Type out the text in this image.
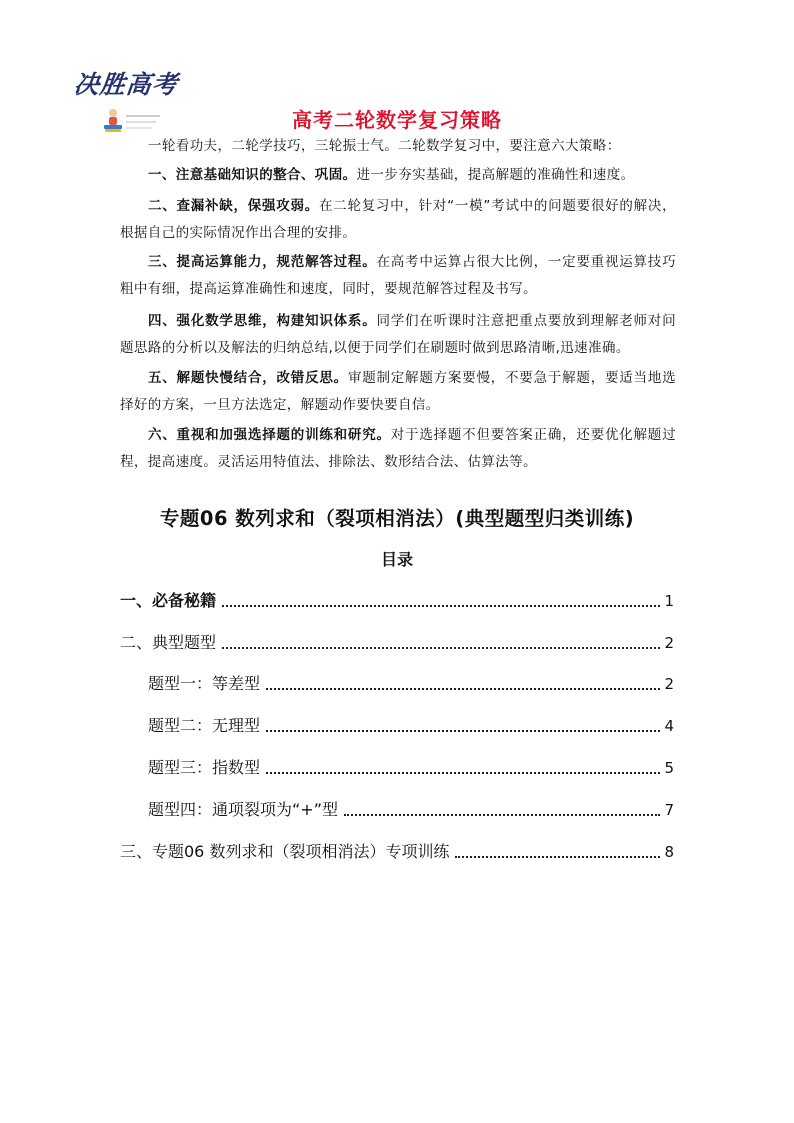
决胜高考
高考二轮数学复习策略
一轮看功夫，二轮学技巧，三轮振士气。二轮数学复习中，要注意六大策略：
一、注意基础知识的整合、巩固。进一步夯实基础，提高解题的准确性和速度。
二、查漏补缺，保强攻弱。在二轮复习中，针对“一模”考试中的问题要很好的解决，根据自己的实际情况作出合理的安排。
三、提高运算能力，规范解答过程。在高考中运算占很大比例，一定要重视运算技巧粗中有细，提高运算准确性和速度，同时，要规范解答过程及书写。
四、强化数学思维，构建知识体系。同学们在听课时注意把重点要放到理解老师对问题思路的分析以及解法的归纳总结,以便于同学们在刷题时做到思路清晰,迅速准确。
五、解题快慢结合，改错反思。审题制定解题方案要慢，不要急于解题，要适当地选择好的方案，一旦方法选定，解题动作要快要自信。
六、重视和加强选择题的训练和研究。对于选择题不但要答案正确，还要优化解题过程，提高速度。灵活运用特值法、排除法、数形结合法、估算法等。
专题06 数列求和（裂项相消法）(典型题型归类训练)
目录
一、必备秘籍	1
二、典型题型	2
题型一：等差型	2
题型二：无理型	4
题型三：指数型	5
题型四：通项裂项为“+”型	7
三、专题06 数列求和（裂项相消法）专项训练	8
